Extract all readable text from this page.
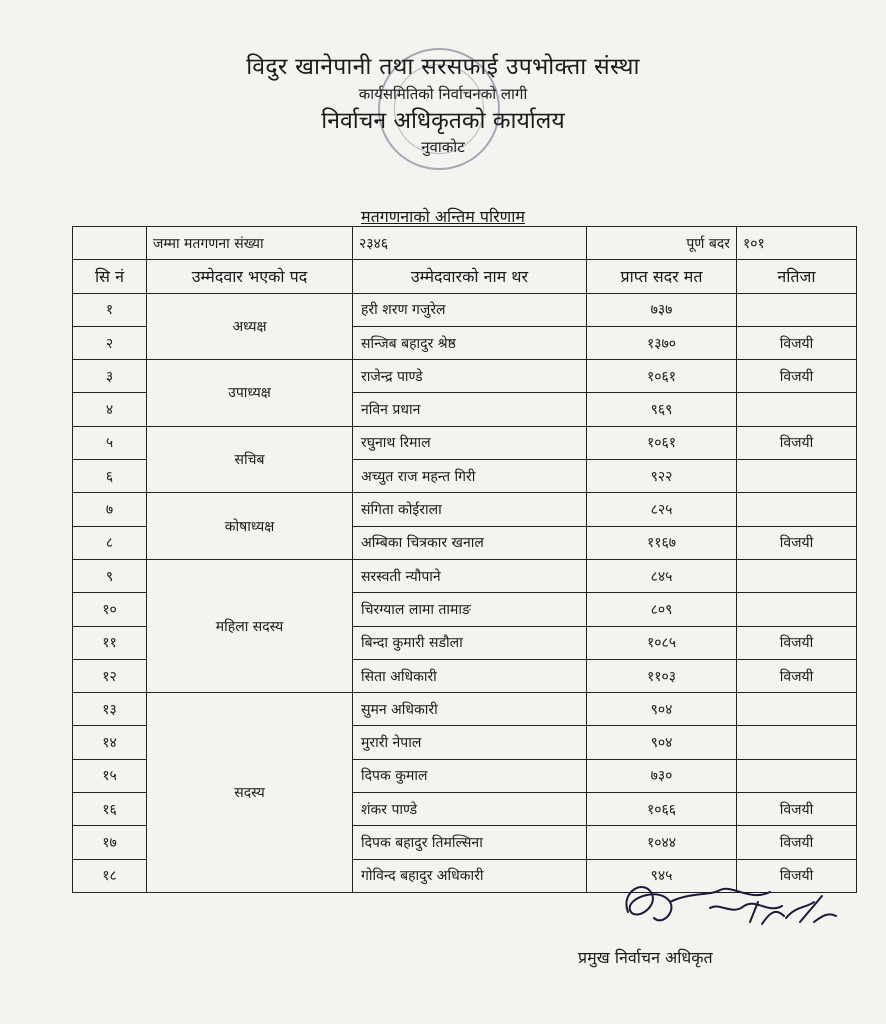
विदुर खानेपानी तथा सरसफाई उपभोक्ता संस्था
कार्यसमितिको निर्वाचनको लागी
निर्वाचन अधिकृतको कार्यालय
नुवाकोट
मतगणनाको अन्तिम परिणाम
	जम्मा मतगणना संख्या	२३४६	पूर्ण बदर	१०१
सि नं	उम्मेदवार भएको पद	उम्मेदवारको नाम थर	प्राप्त सदर मत	नतिजा
१	अध्यक्ष	हरी शरण गजुरेल	७३७	
२		सन्जिब बहादुर श्रेष्ठ	१३७०	विजयी
३	उपाध्यक्ष	राजेन्द्र पाण्डे	१०६१	विजयी
४		नविन प्रधान	९६९	
५	सचिब	रघुनाथ रिमाल	१०६१	विजयी
६		अच्युत राज महन्त गिरी	९२२	
७	कोषाध्यक्ष	संगिता कोईराला	८२५	
८		अम्बिका चित्रकार खनाल	११६७	विजयी
९	महिला सदस्य	सरस्वती न्यौपाने	८४५	
१०		चिरग्याल लामा तामाङ	८०९	
११		बिन्दा कुमारी सडौला	१०८५	विजयी
१२		सिता अधिकारी	११०३	विजयी
१३	सदस्य	सुमन अधिकारी	९०४	
१४		मुरारी नेपाल	९०४	
१५		दिपक कुमाल	७३०	
१६		शंकर पाण्डे	१०६६	विजयी
१७		दिपक बहादुर तिमल्सिना	१०४४	विजयी
१८		गोविन्द बहादुर अधिकारी	९४५	विजयी
प्रमुख निर्वाचन अधिकृत
